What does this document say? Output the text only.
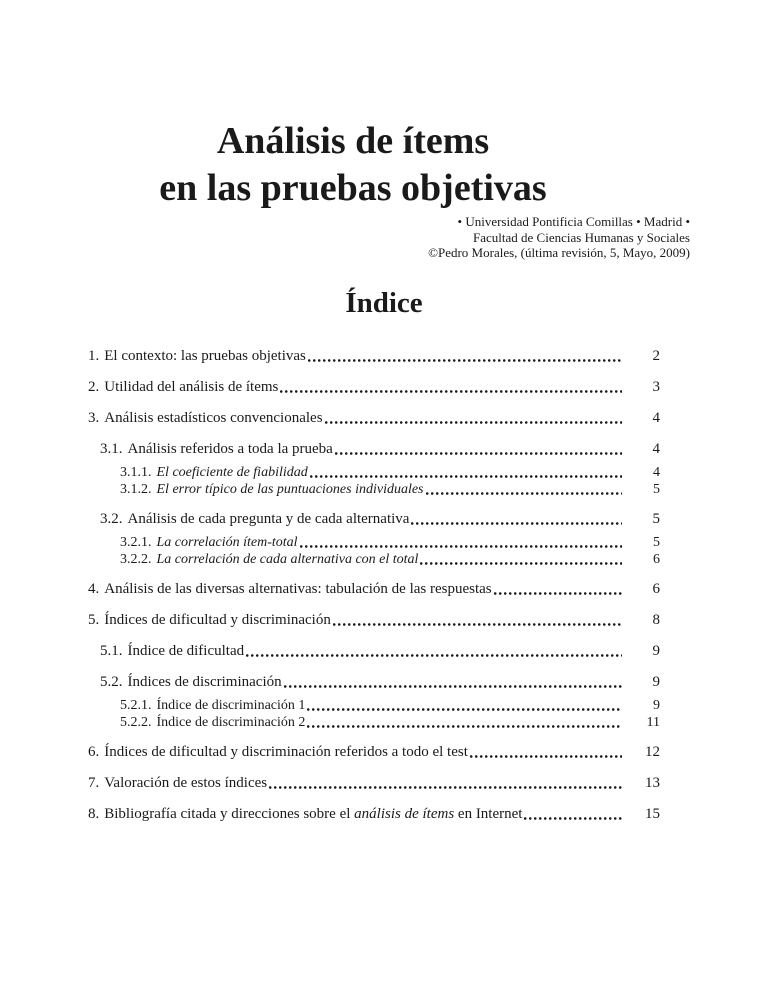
Análisis de ítems
en las pruebas objetivas
• Universidad Pontificia Comillas • Madrid •
Facultad de Ciencias Humanas y Sociales
©Pedro Morales, (última revisión, 5, Mayo, 2009)
Índice
1. El contexto: las pruebas objetivas	2
2. Utilidad del análisis de ítems	3
3. Análisis estadísticos convencionales	4
3.1. Análisis referidos a toda la prueba	4
3.1.1. El coeficiente de fiabilidad	4
3.1.2. El error típico de las puntuaciones individuales	5
3.2. Análisis de cada pregunta y de cada alternativa	5
3.2.1. La correlación ítem-total	5
3.2.2. La correlación de cada alternativa con el total	6
4. Análisis de las diversas alternativas: tabulación de las respuestas	6
5. Índices de dificultad y discriminación	8
5.1. Índice de dificultad	9
5.2. Índices de discriminación	9
5.2.1. Índice de discriminación 1	9
5.2.2. Índice de discriminación 2	11
6. Índices de dificultad y discriminación referidos a todo el test	12
7. Valoración de estos índices	13
8. Bibliografía citada y direcciones sobre el análisis de ítems en Internet	15
